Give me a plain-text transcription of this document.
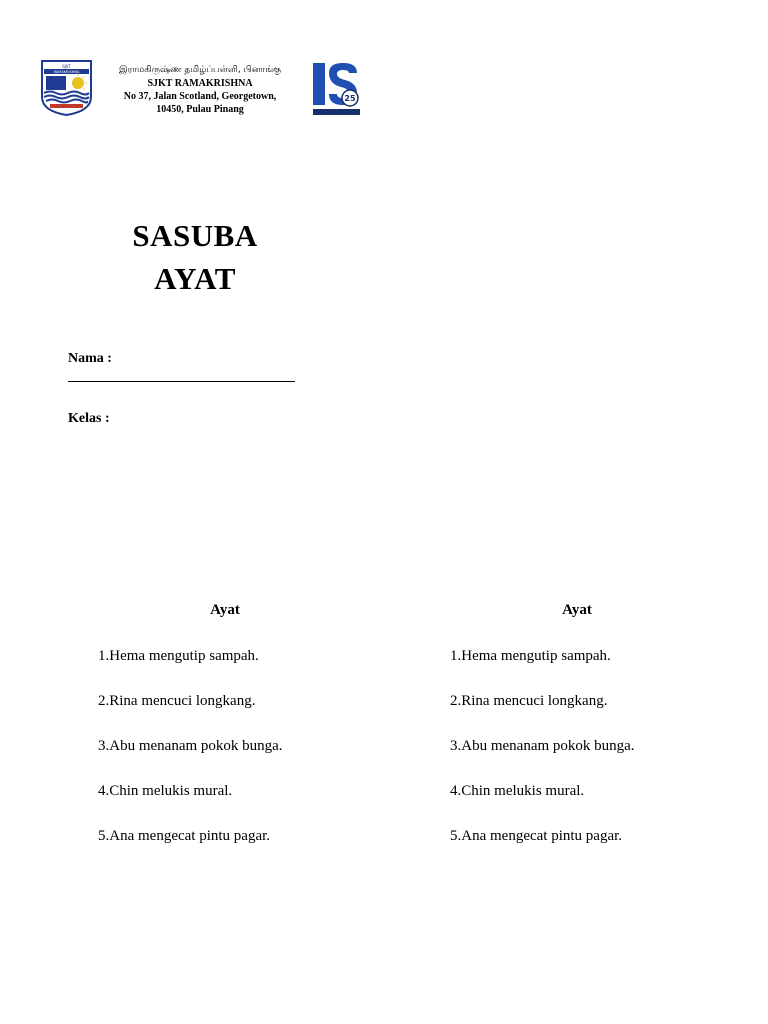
SJKT
RAMAKRISHNA	இராமகிருஷ்ண தமிழ்ப்பள்ளி, பினாங்கு
SJKT RAMAKRISHNA
No 37, Jalan Scotland, Georgetown,
10450, Pulau Pinang
25
SASUBA
AYAT
Nama :
Kelas :
Ayat
1.Hema mengutip sampah.
2.Rina mencuci longkang.
3.Abu menanam pokok bunga.
4.Chin melukis mural.
5.Ana mengecat pintu pagar.
Ayat
1.Hema mengutip sampah.
2.Rina mencuci longkang.
3.Abu menanam pokok bunga.
4.Chin melukis mural.
5.Ana mengecat pintu pagar.
